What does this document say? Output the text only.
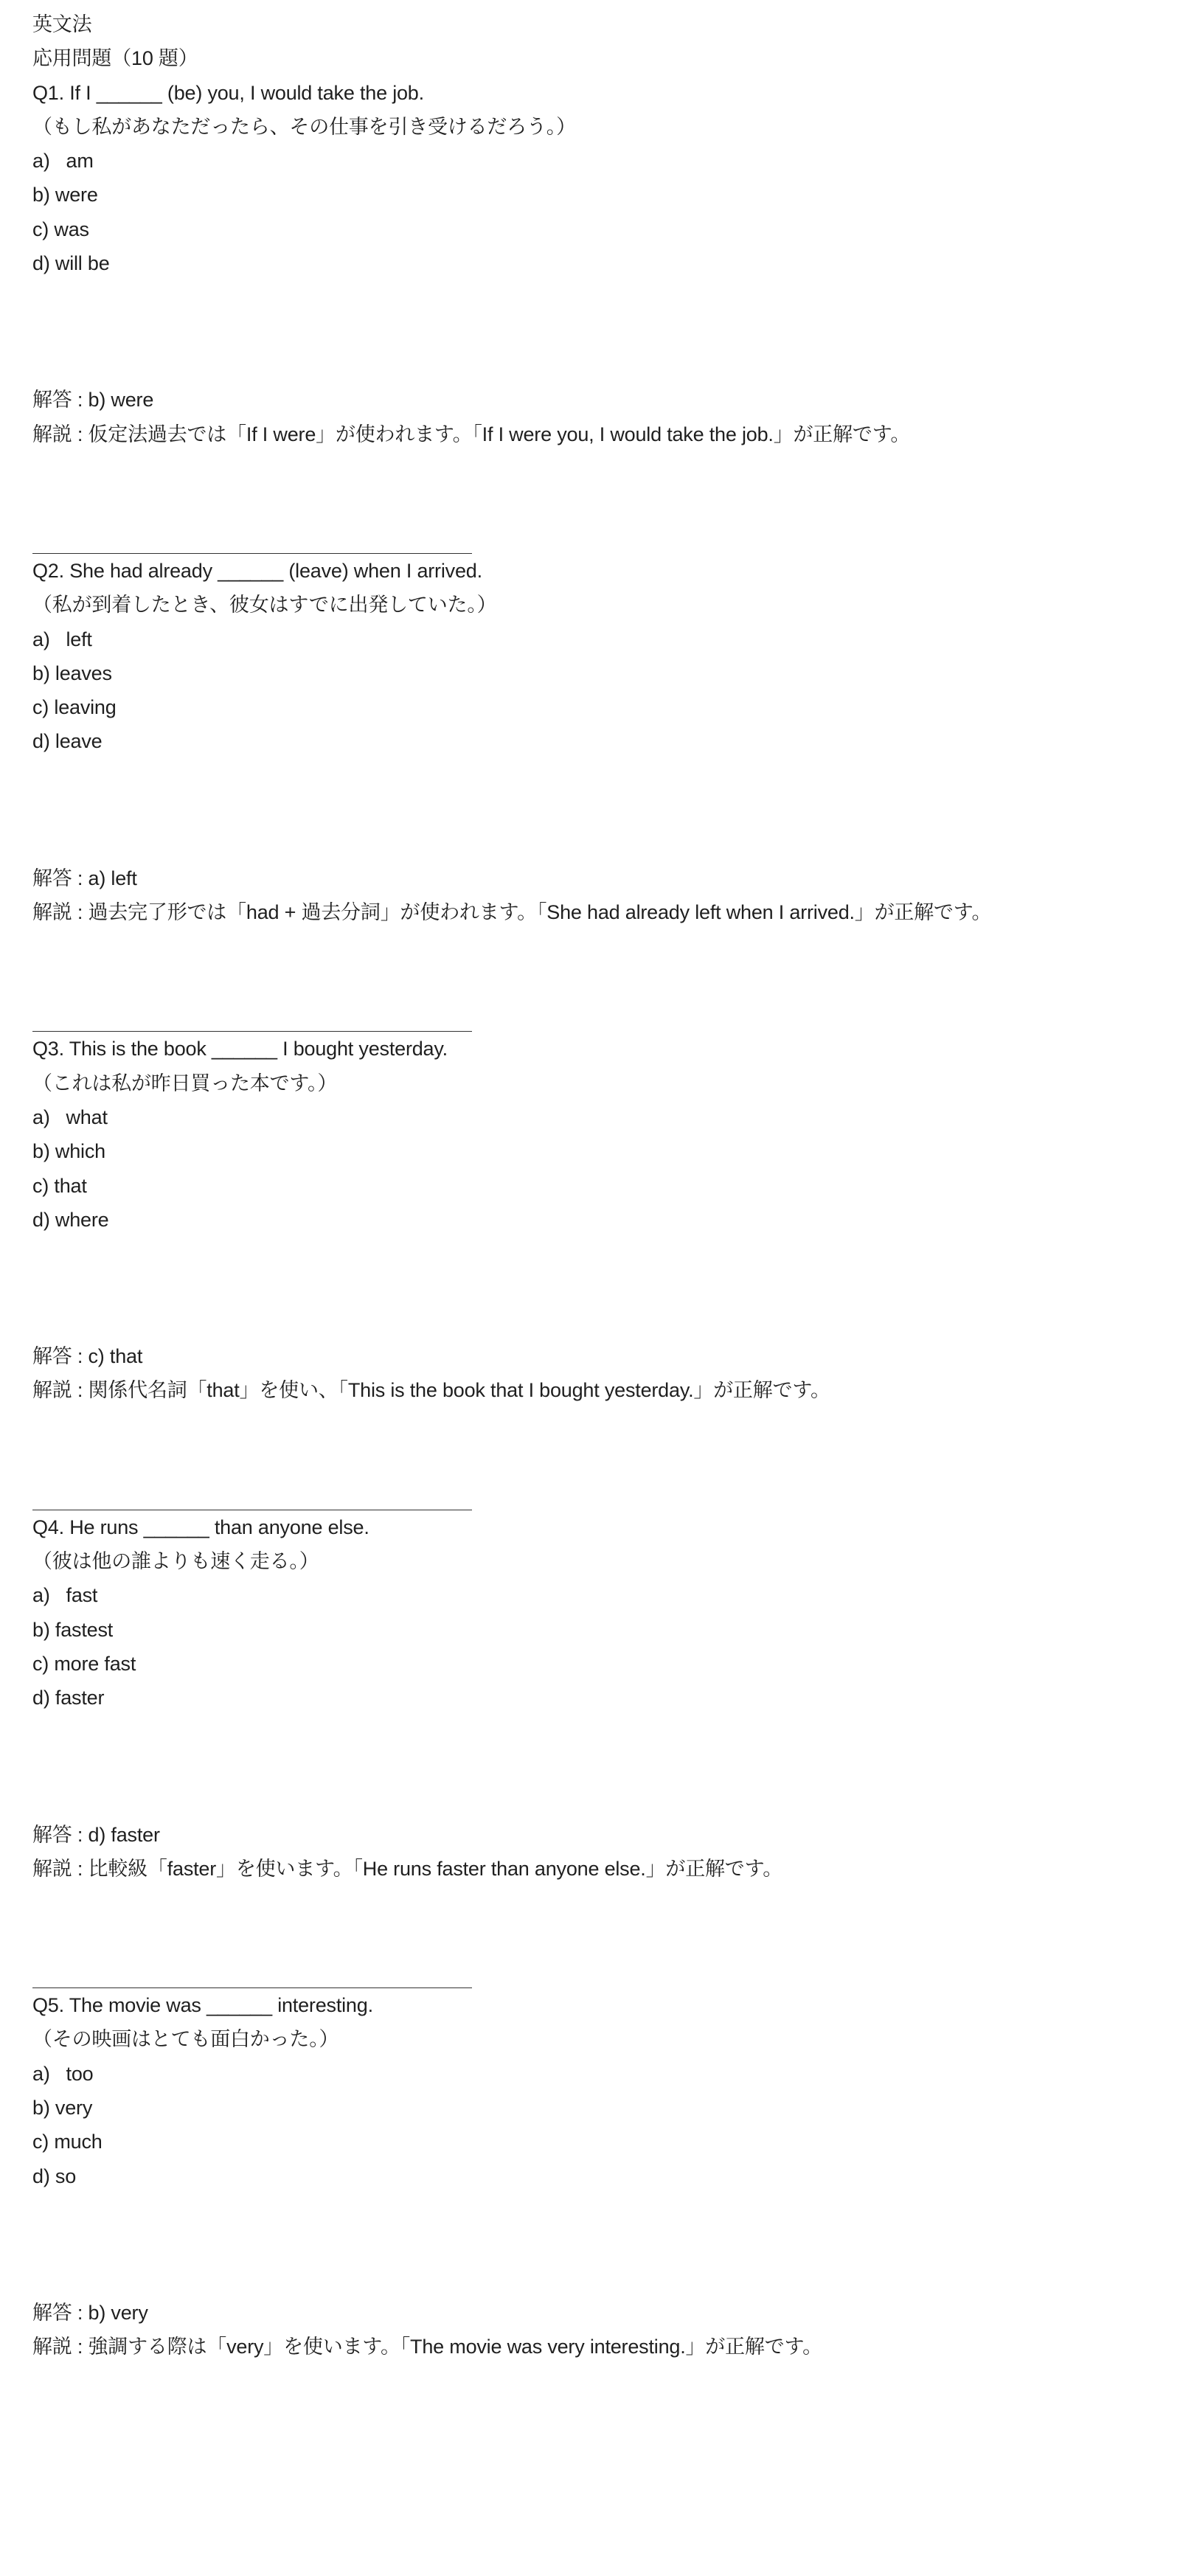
英文法
応用問題（10 題）
Q1. If I ______ (be) you, I would take the job.
（もし私があなただったら、その仕事を引き受けるだろう。）
a)   am
b) were
c) was
d) will be
解答 : b) were
解説 : 仮定法過去では「If I were」が使われます。「If I were you, I would take the job.」が正解です。
Q2. She had already ______ (leave) when I arrived.
（私が到着したとき、彼女はすでに出発していた。）
a)   left
b) leaves
c) leaving
d) leave
解答 : a) left
解説 : 過去完了形では「had + 過去分詞」が使われます。「She had already left when I arrived.」が正解です。
Q3. This is the book ______ I bought yesterday.
（これは私が昨日買った本です。）
a)   what
b) which
c) that
d) where
解答 : c) that
解説 : 関係代名詞「that」を使い、「This is the book that I bought yesterday.」が正解です。
Q4. He runs ______ than anyone else.
（彼は他の誰よりも速く走る。）
a)   fast
b) fastest
c) more fast
d) faster
解答 : d) faster
解説 : 比較級「faster」を使います。「He runs faster than anyone else.」が正解です。
Q5. The movie was ______ interesting.
（その映画はとても面白かった。）
a)   too
b) very
c) much
d) so
解答 : b) very
解説 : 強調する際は「very」を使います。「The movie was very interesting.」が正解です。
